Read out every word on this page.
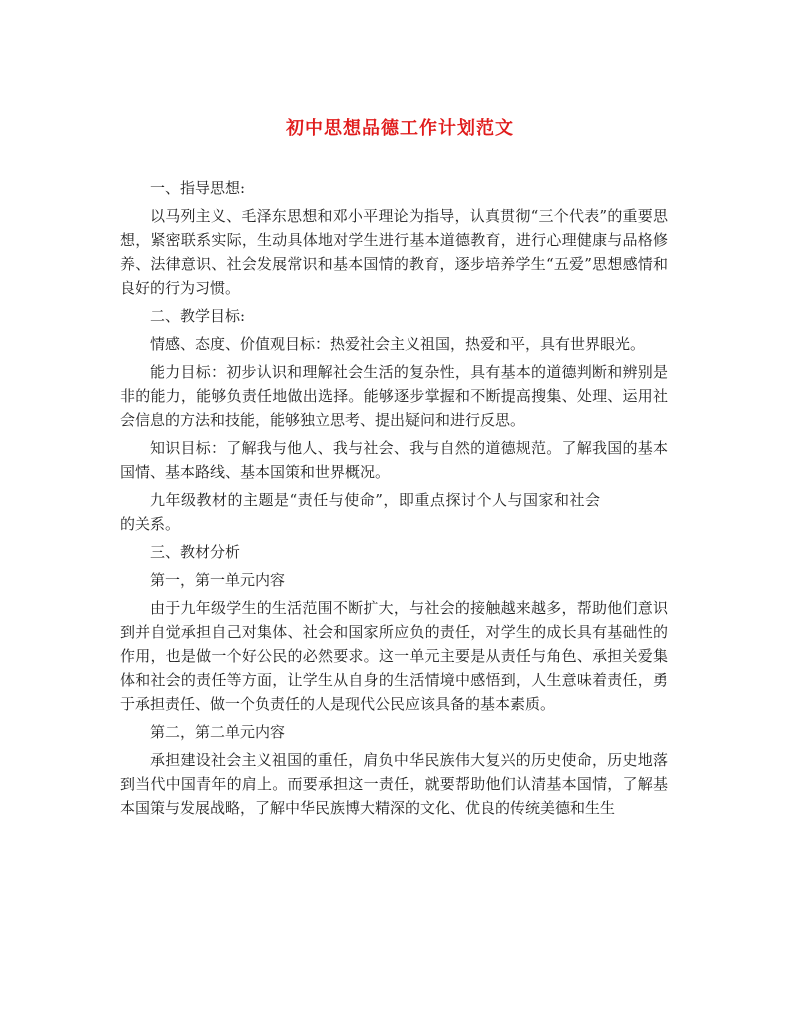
初中思想品德工作计划范文

一、指导思想:

以马列主义、毛泽东思想和邓小平理论为指导，认真贯彻“三个代表”的重要思想，紧密联系实际，生动具体地对学生进行基本道德教育，进行心理健康与品格修养、法律意识、社会发展常识和基本国情的教育，逐步培养学生“五爱”思想感情和良好的行为习惯。

二、教学目标:

情感、态度、价值观目标：热爱社会主义祖国，热爱和平，具有世界眼光。

能力目标：初步认识和理解社会生活的复杂性，具有基本的道德判断和辨别是非的能力，能够负责任地做出选择。能够逐步掌握和不断提高搜集、处理、运用社会信息的方法和技能，能够独立思考、提出疑问和进行反思。

知识目标：了解我与他人、我与社会、我与自然的道德规范。了解我国的基本国情、基本路线、基本国策和世界概况。

九年级教材的主题是“责任与使命”，即重点探讨个人与国家和社会的关系。

三、教材分析

第一，第一单元内容

由于九年级学生的生活范围不断扩大，与社会的接触越来越多，帮助他们意识到并自觉承担自己对集体、社会和国家所应负的责任，对学生的成长具有基础性的作用，也是做一个好公民的必然要求。这一单元主要是从责任与角色、承担关爱集体和社会的责任等方面，让学生从自身的生活情境中感悟到，人生意味着责任，勇于承担责任、做一个负责任的人是现代公民应该具备的基本素质。

第二，第二单元内容

承担建设社会主义祖国的重任，肩负中华民族伟大复兴的历史使命，历史地落到当代中国青年的肩上。而要承担这一责任，就要帮助他们认清基本国情，了解基本国策与发展战略，了解中华民族博大精深的文化、优良的传统美德和生生
